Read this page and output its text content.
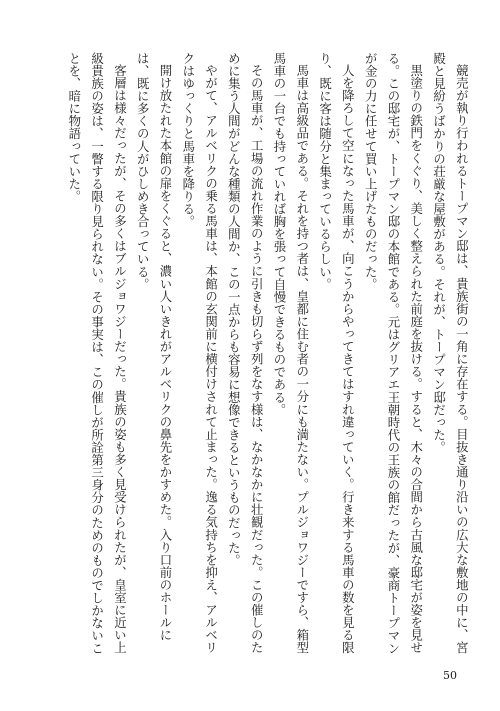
競売が執り行われるトープマン邸は、貴族街の一角に存在する。目抜き通り沿いの広大な敷地の中に、宮殿と見紛うばかりの荘厳な屋敷がある。それが、トープマン邸だった。

黒塗りの鉄門をくぐり、美しく整えられた前庭を抜ける。すると、木々の合間から古風な邸宅が姿を見せる。この邸宅が、トープマン邸の本館である。元はグリアエ王朝時代の王族の館だったが、豪商トープマンが金の力に任せて買い上げたものだった。

人を降ろして空になった馬車が、向こうからやってきてはすれ違っていく。行き来する馬車の数を見る限り、既に客は随分と集まっているらしい。

馬車は高級品である。それを持つ者は、皇都に住む者の一分にも満たない。プルジョワジーですら、箱型馬車の一台でも持っていれば胸を張って自慢できるものである。

その馬車が、工場の流れ作業のように引きも切らず列をなす様は、なかなかに壮観だった。この催しのために集う人間がどんな種類の人間か、この一点からも容易に想像できるというものだった。

やがて、アルベリクの乗る馬車は、本館の玄関前に横付けされて止まった。逸る気持ちを抑え、アルベリクはゆっくりと馬車を降りる。

開け放たれた本館の扉をくぐると、濃い人いきれがアルベリクの鼻先をかすめた。入り口前のホールには、既に多くの人がひしめき合っている。

客層は様々だったが、その多くはブルジョワジーだった。貴族の姿も多く見受けられたが、皇室に近い上級貴族の姿は、一瞥する限り見られない。その事実は、この催しが所詮第三身分のためのものでしかないことを、暗に物語っていた。

50
